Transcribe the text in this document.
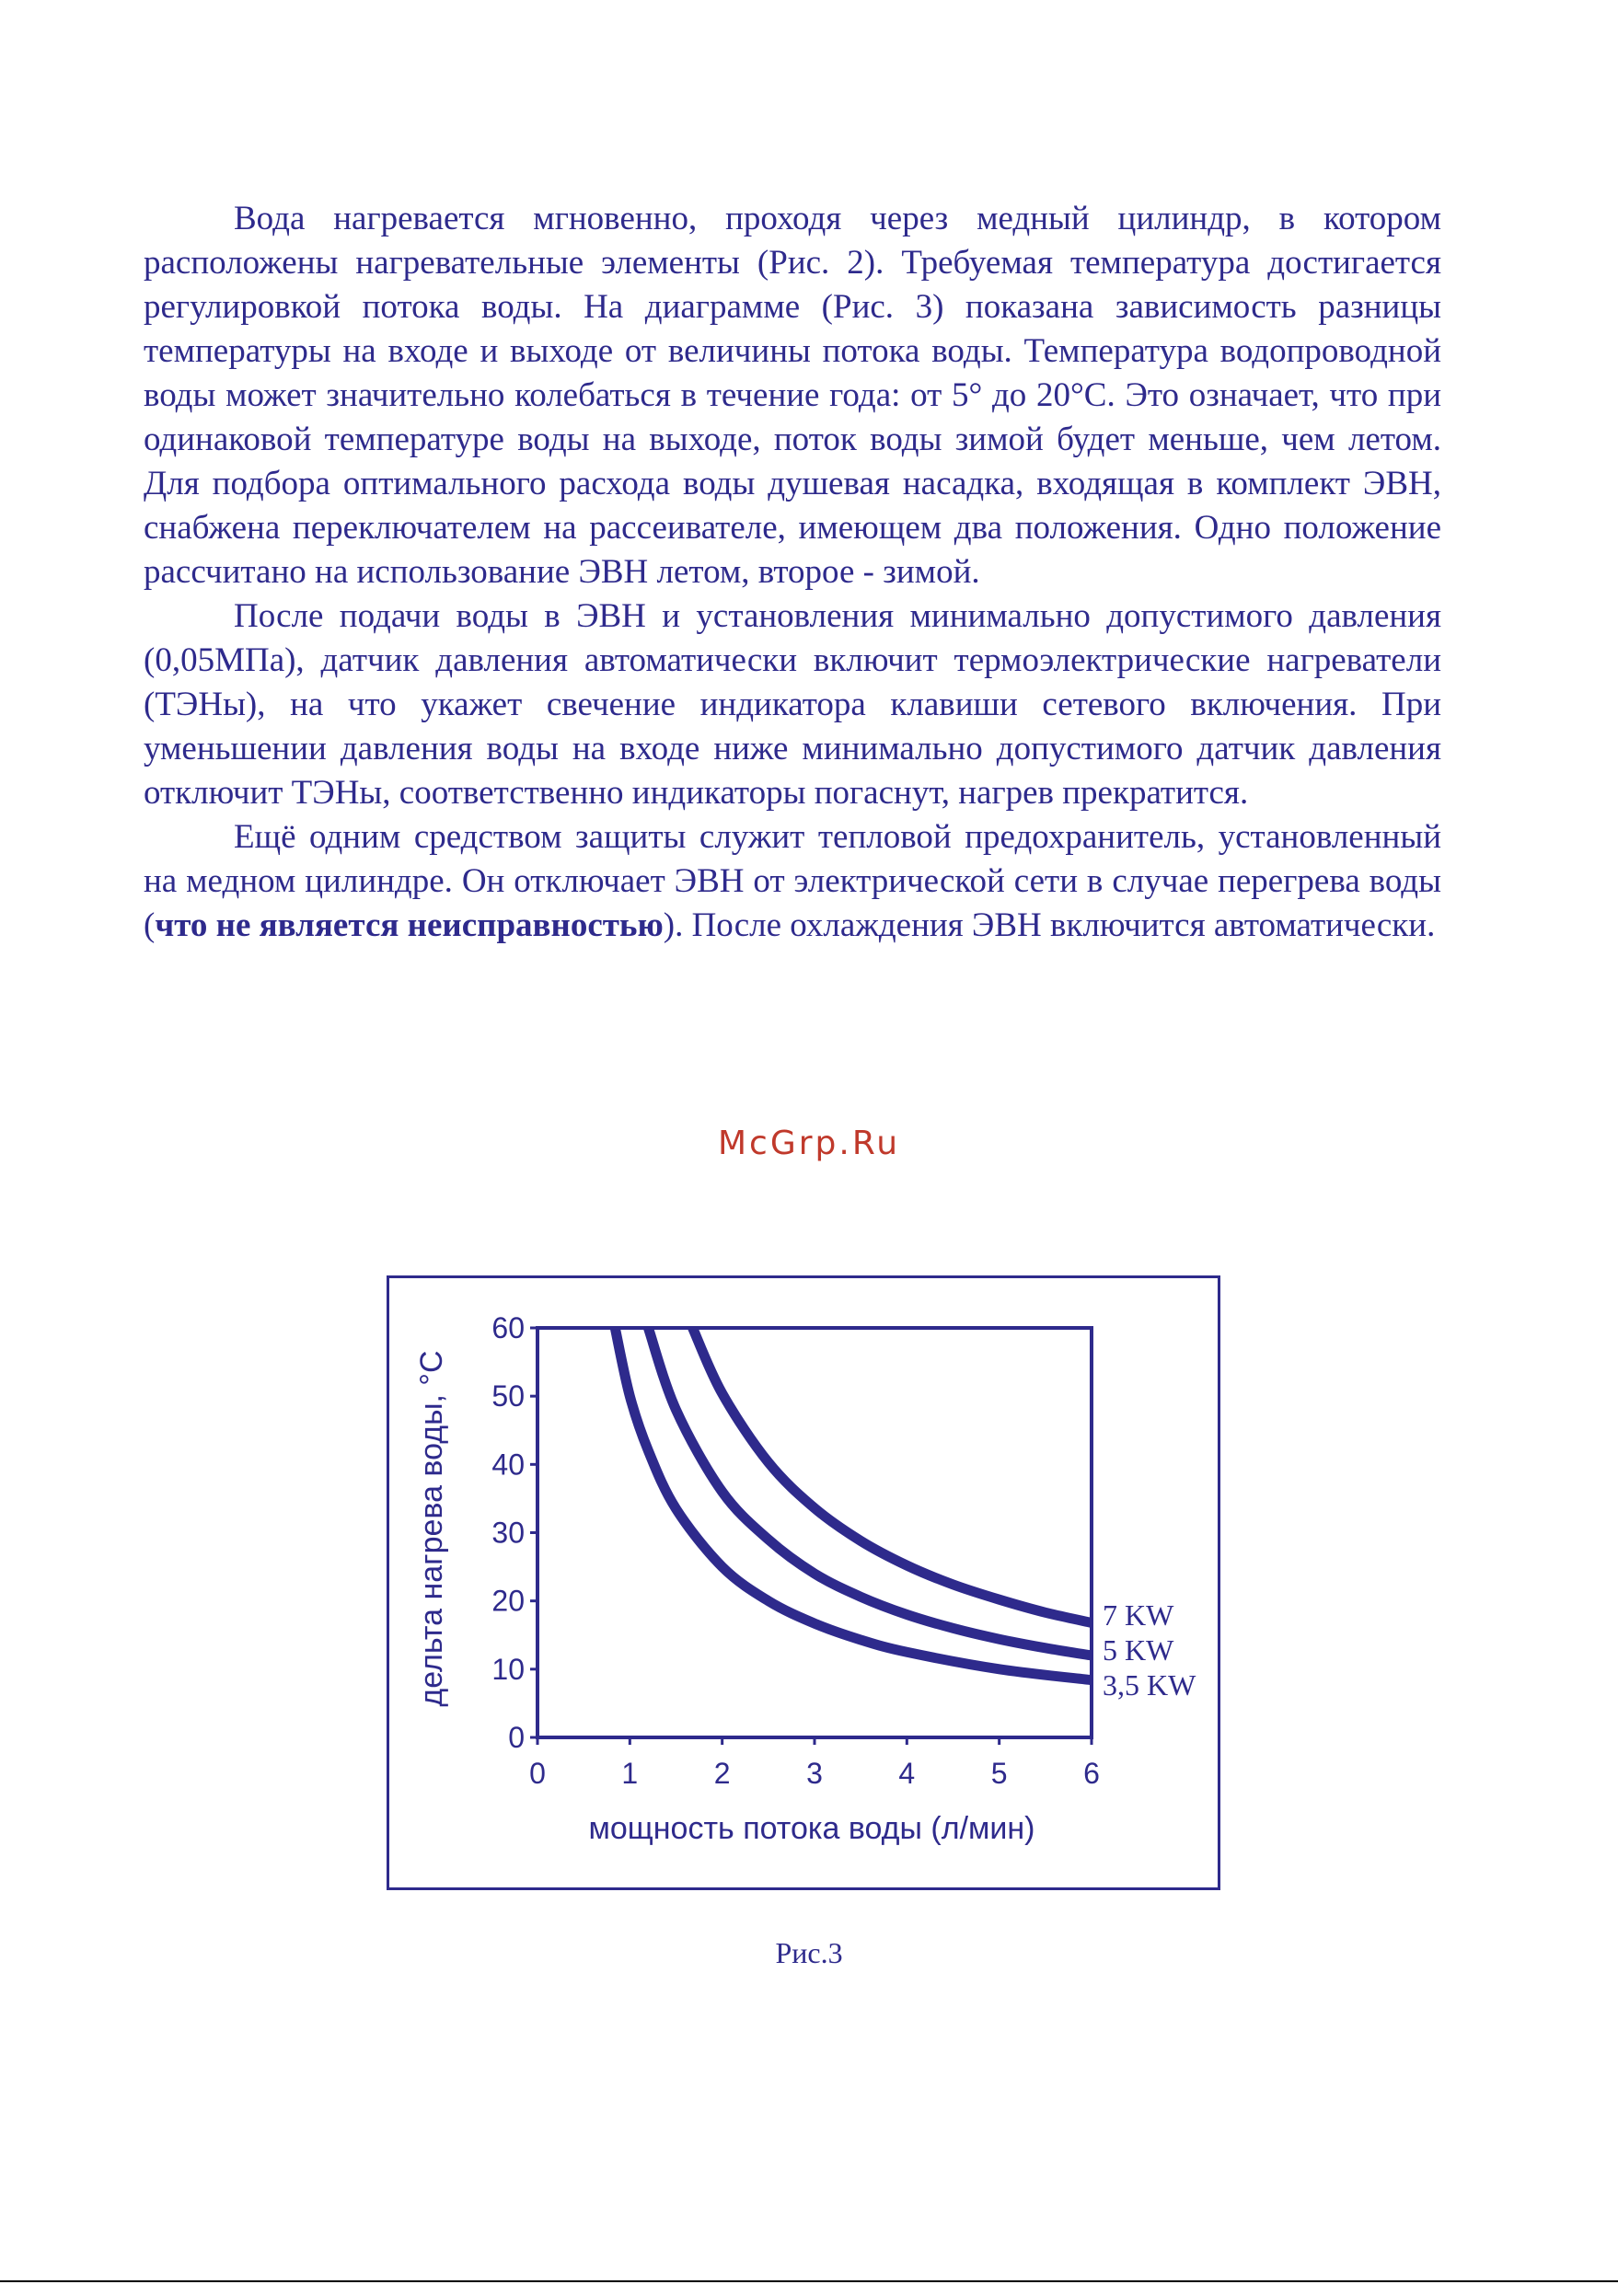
Вода нагревается мгновенно, проходя через медный цилиндр, в котором расположены нагревательные элементы (Рис. 2). Требуемая температура достигается регулировкой потока воды. На диаграмме (Рис. 3) показана зависимость разницы температуры на входе и выходе от величины потока воды. Температура водопроводной воды может значительно колебаться в течение года: от 5° до 20°С. Это означает, что при одинаковой температуре воды на выходе, поток воды зимой будет меньше, чем летом. Для подбора оптимального расхода воды душевая насадка, входящая в комплект ЭВН, снабжена переключателем на рассеивателе, имеющем два положения. Одно положение рассчитано на использование ЭВН летом, второе - зимой.

После подачи воды в ЭВН и установления минимально допустимого давления (0,05МПа), датчик давления автоматически включит термоэлектрические нагреватели (ТЭНы), на что укажет свечение индикатора клавиши сетевого включения. При уменьшении давления воды на входе ниже минимально допустимого датчик давления отключит ТЭНы, соответственно индикаторы погаснут, нагрев прекратится.

Ещё одним средством защиты служит тепловой предохранитель, установленный на медном цилиндре. Он отключает ЭВН от электрической сети в случае перегрева воды (что не является неисправностью). После охлаждения ЭВН включится автоматически.

McGrp.Ru
дельта нагрева воды, °С
мощность потока воды (л/мин)
0
10
20
30
40
50
60
0	1	2	3	4	5	6
3,5 KW
5 KW
7 KW
Рис.3
